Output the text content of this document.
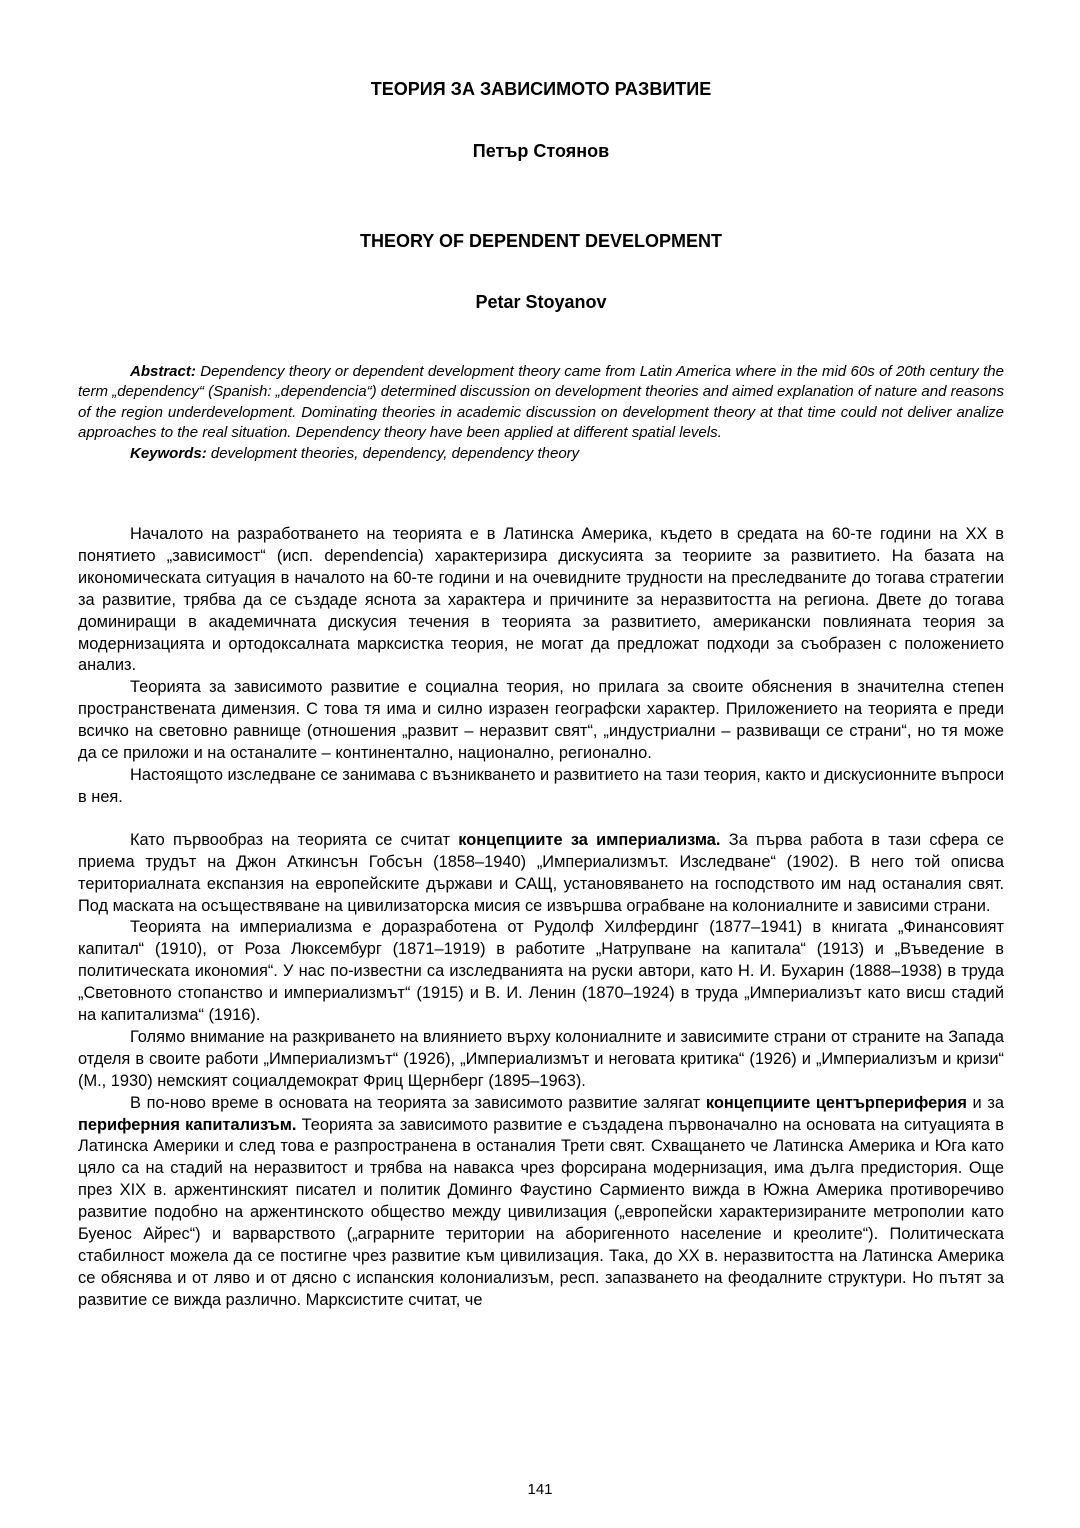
ТЕОРИЯ ЗА ЗАВИСИМОТО РАЗВИТИЕ
Петър Стоянов
THEORY OF DEPENDENT DEVELOPMENT
Petar Stoyanov

Abstract: Dependency theory or dependent development theory came from Latin America where in the mid 60s of 20th century the term „dependency“ (Spanish: „dependencia“) determined discussion on development theories and aimed explanation of nature and reasons of the region underdevelopment. Dominating theories in academic discussion on development theory at that time could not deliver analize approaches to the real situation. Dependency theory have been applied at different spatial levels.

Keywords: development theories, dependency, dependency theory

Началото на разработването на теорията е в Латинска Америка, където в средата на 60-те години на XX в понятието „зависимост“ (исп. dependencia) характеризира дискусията за теориите за развитието. На базата на икономическата ситуация в началото на 60-те години и на очевидните трудности на преследваните до тогава стратегии за развитие, трябва да се създаде яснота за характера и причините за неразвитостта на региона. Двете до тогава доминиращи в академичната дискусия течения в теорията за развитието, американски повлияната теория за модернизацията и ортодоксалната марксистка теория, не могат да предложат подходи за съобразен с положението анализ.

Теорията за зависимото развитие е социална теория, но прилага за своите обяснения в значителна степен пространствената димензия. С това тя има и силно изразен географски характер. Приложението на теорията е преди всичко на световно равнище (отношения „развит – неразвит свят“, „индустриални – развиващи се страни“, но тя може да се приложи и на останалите – континентално, национално, регионално.

Настоящото изследване се занимава с възникването и развитието на тази теория, както и дискусионните въпроси в нея.

Като първообраз на теорията се считат концепциите за империализма. За първа работа в тази сфера се приема трудът на Джон Аткинсън Гобсън (1858–1940) „Империализмът. Изследване“ (1902). В него той описва териториалната експанзия на европейските държави и САЩ, установяването на господството им над останалия свят. Под маската на осъществяване на цивилизаторска мисия се извършва ограбване на колониалните и зависими страни.

Теорията на империализма е доразработена от Рудолф Хилфердинг (1877–1941) в книгата „Финансовият капитал“ (1910), от Роза Люксембург (1871–1919) в работите „Натрупване на капитала“ (1913) и „Въведение в политическата икономия“. У нас по-известни са изследванията на руски автори, като Н. И. Бухарин (1888–1938) в труда „Световното стопанство и империализмът“ (1915) и В. И. Ленин (1870–1924) в труда „Империализът като висш стадий на капитализма“ (1916).

Голямо внимание на разкриването на влиянието върху колониалните и зависимите страни от страните на Запада отделя в своите работи „Империализмът“ (1926), „Империализмът и неговата критика“ (1926) и „Империализъм и кризи“ (М., 1930) немският социалдемократ Фриц Щернберг (1895–1963).

В по-ново време в основата на теорията за зависимото развитие залягат концепциите центърпериферия и за периферния капитализъм. Теорията за зависимото развитие е създадена първоначално на основата на ситуацията в Латинска Америки и след това е разпространена в останалия Трети свят. Схващането че Латинска Америка и Юга като цяло са на стадий на неразвитост и трябва на наваксa чрез форсирана модернизация, има дълга предистория. Още през XIX в. аржентинският писател и политик Доминго Фаустино Сармиенто вижда в Южна Америка противоречиво развитие подобно на аржентинското общество между цивилизация („европейски характеризираните метрополии като Буенос Айрес“) и варварството („аграрните територии на аборигенното население и креолите“). Политическата стабилност можела да се постигне чрез развитие към цивилизация. Така, до XX в. неразвитостта на Латинска Америка се обяснява и от ляво и от дясно с испанския колониализъм, респ. запазването на феодалните структури. Но пътят за развитие се вижда различно. Марксистите считат, че

141
